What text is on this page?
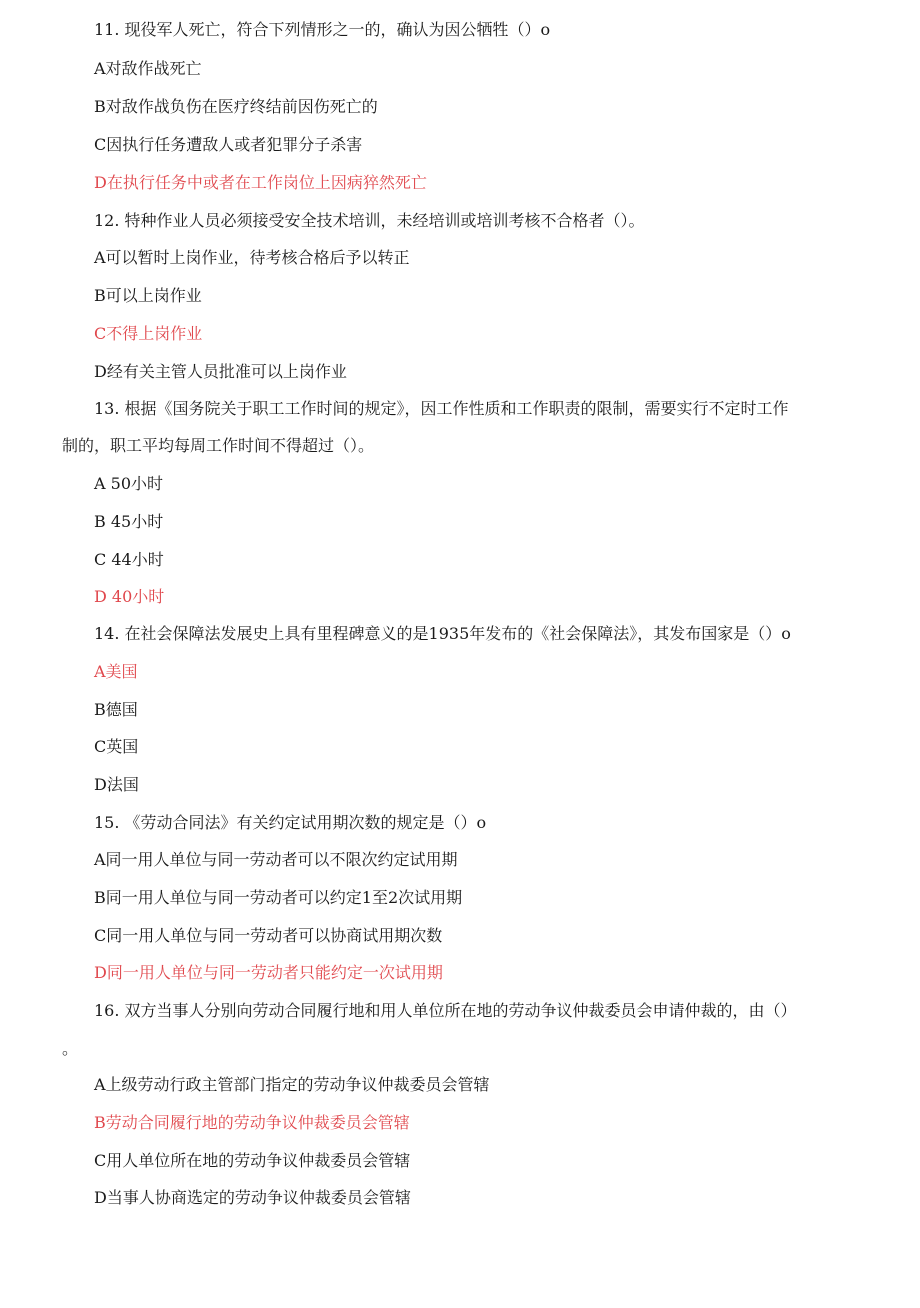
11. 现役军人死亡，符合下列情形之一的，确认为因公牺牲（）o
A对敌作战死亡
B对敌作战负伤在医疗终结前因伤死亡的
C因执行任务遭敌人或者犯罪分子杀害
D在执行任务中或者在工作岗位上因病猝然死亡
12. 特种作业人员必须接受安全技术培训，未经培训或培训考核不合格者（）。
A可以暂时上岗作业，待考核合格后予以转正
B可以上岗作业
C不得上岗作业
D经有关主管人员批准可以上岗作业
13. 根据《国务院关于职工工作时间的规定》，因工作性质和工作职责的限制，需要实行不定时工作
制的，职工平均每周工作时间不得超过（）。
A 50小时
B 45小时
C 44小时
D 40小时
14. 在社会保障法发展史上具有里程碑意义的是1935年发布的《社会保障法》，其发布国家是（）o
A美国
B德国
C英国
D法国
15. 《劳动合同法》有关约定试用期次数的规定是（）o
A同一用人单位与同一劳动者可以不限次约定试用期
B同一用人单位与同一劳动者可以约定1至2次试用期
C同一用人单位与同一劳动者可以协商试用期次数
D同一用人单位与同一劳动者只能约定一次试用期
16. 双方当事人分别向劳动合同履行地和用人单位所在地的劳动争议仲裁委员会申请仲裁的，由（）
。
A上级劳动行政主管部门指定的劳动争议仲裁委员会管辖
B劳动合同履行地的劳动争议仲裁委员会管辖
C用人单位所在地的劳动争议仲裁委员会管辖
D当事人协商选定的劳动争议仲裁委员会管辖
